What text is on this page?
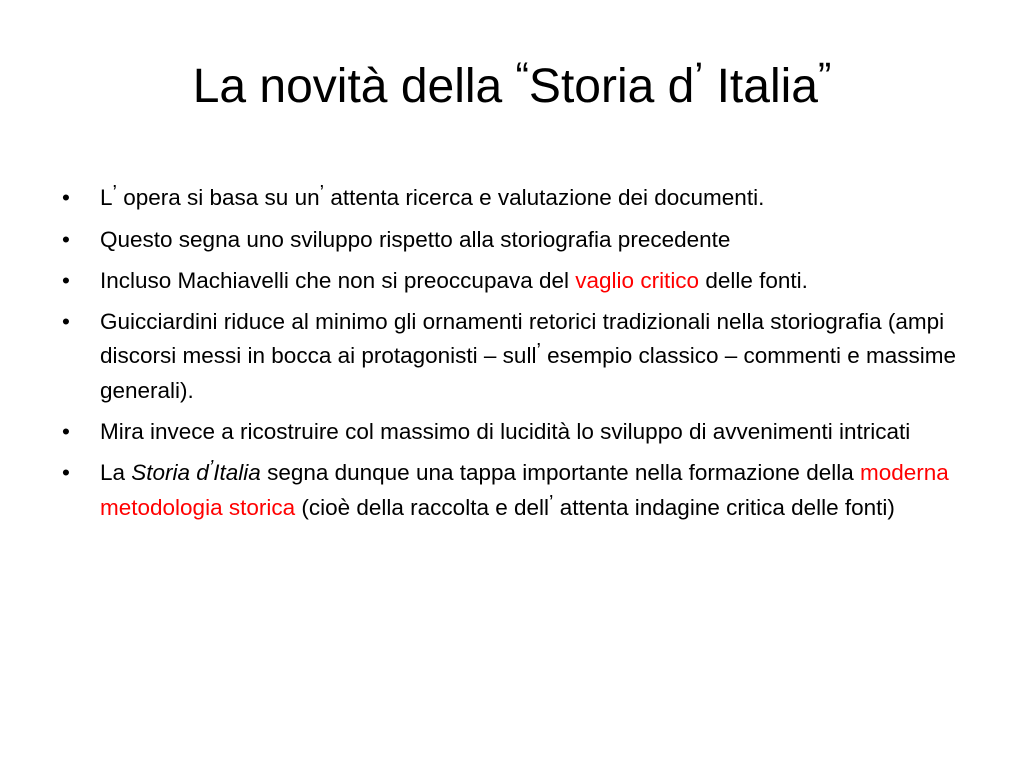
La novità della “Storia d’ Italia”
•	L’ opera si basa su un’ attenta ricerca e valutazione dei documenti.
•	Questo segna uno sviluppo rispetto alla storiografia precedente
•	Incluso Machiavelli che non si preoccupava del vaglio critico delle fonti.
•	Guicciardini riduce al minimo gli ornamenti retorici tradizionali nella storiografia (ampi discorsi messi in bocca ai protagonisti – sull’ esempio classico – commenti e massime generali).
•	Mira invece a ricostruire col massimo di lucidità lo sviluppo di avvenimenti intricati
•	La Storia d’Italia segna dunque una tappa importante nella formazione della moderna metodologia storica (cioè della raccolta e dell’ attenta indagine critica delle fonti)
